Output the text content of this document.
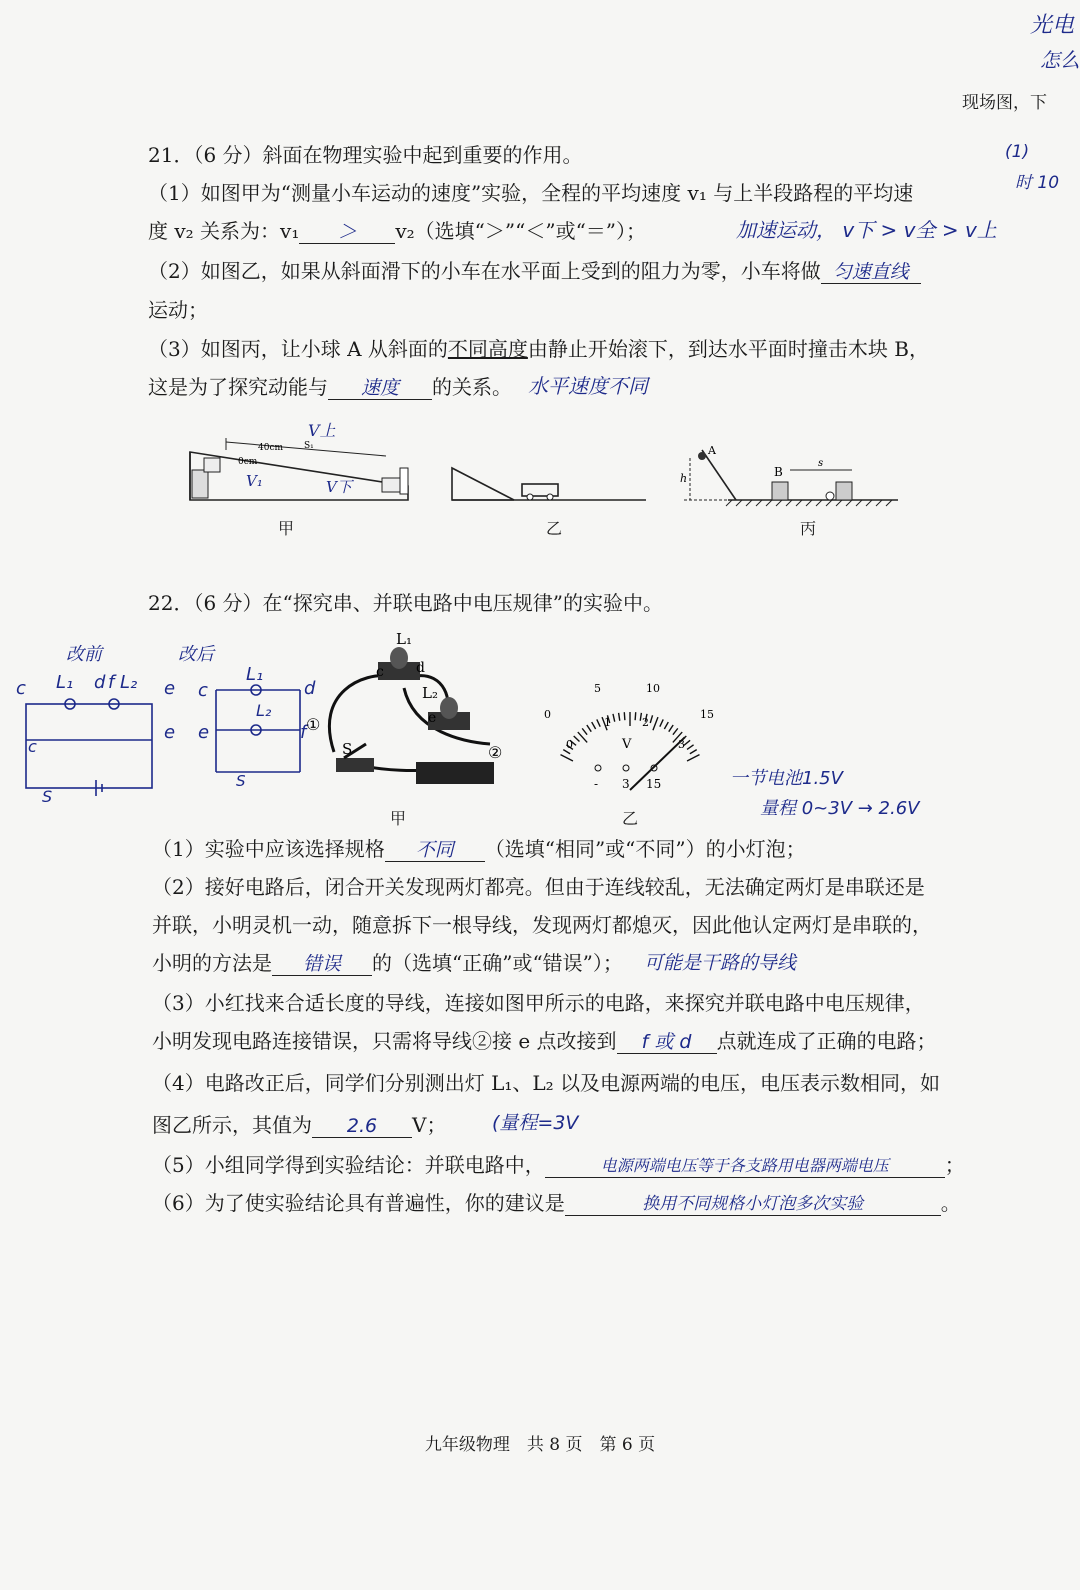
光电
怎么
现场图，下
(1)
时 10
21．（6 分）斜面在物理实验中起到重要的作用。
（1）如图甲为“测量小车运动的速度”实验，全程的平均速度 v₁ 与上半段路程的平均速
度 v₂ 关系为：v₁ ＞ v₂（选填“＞”“＜”或“＝”）；	加速运动， v下 > v全 > v上
（2）如图乙，如果从斜面滑下的小车在水平面上受到的阻力为零，小车将做 匀速直线
运动；
（3）如图丙，让小球 A 从斜面的不同高度由静止开始滚下，到达水平面时撞击木块 B，
这是为了探究动能与 速度 的关系。 水平速度不同
0cm
40cm S₁
V上
V₁	V下
A
h	B
s
甲	乙	丙
22．（6 分）在“探究串、并联电路中电压规律”的实验中。
改前
c L₁ d f L₂ e
e
c
S
改后
c
L₁
d
L₂
e	f
S
L₁
c d
L₂
e
S
①
②
0
5	10
15
0
1	2
3
V
- 3 15
甲	乙
一节电池1.5V
量程 0~3V → 2.6V
（1）实验中应该选择规格 不同 （选填“相同”或“不同”）的小灯泡；
（2）接好电路后，闭合开关发现两灯都亮。但由于连线较乱，无法确定两灯是串联还是
并联，小明灵机一动，随意拆下一根导线，发现两灯都熄灭，因此他认定两灯是串联的，
小明的方法是 错误 的（选填“正确”或“错误”）； 可能是干路的导线
（3）小红找来合适长度的导线，连接如图甲所示的电路，来探究并联电路中电压规律，
小明发现电路连接错误，只需将导线②接 e 点改接到 f 或 d 点就连成了正确的电路；
（4）电路改正后，同学们分别测出灯 L₁、L₂ 以及电源两端的电压，电压表示数相同，如
图乙所示，其值为 2.6 V； (量程=3V
（5）小组同学得到实验结论：并联电路中，	电源两端电压等于各支路用电器两端电压	；
（6）为了使实验结论具有普遍性，你的建议是	换用不同规格小灯泡多次实验	。
九年级物理　共 8 页　第 6 页
